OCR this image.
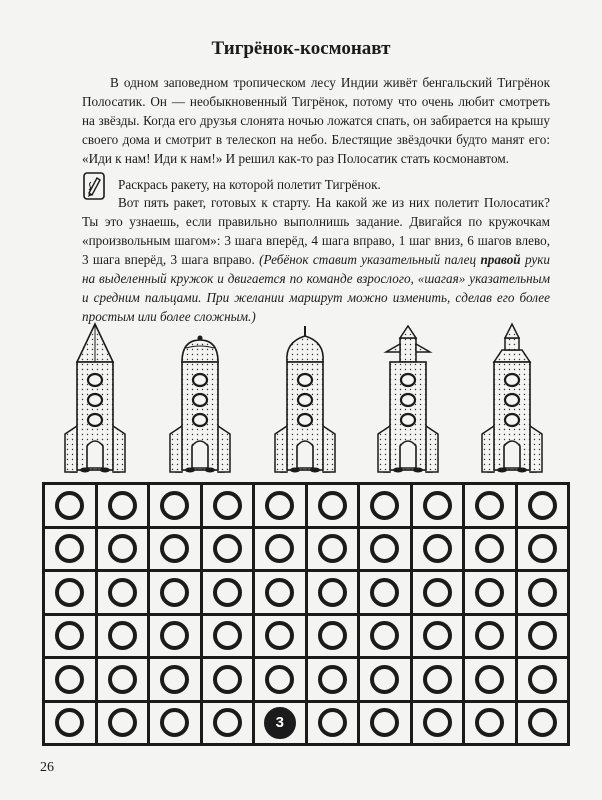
Тигрёнок-космонавт

В одном заповедном тропическом лесу Индии живёт бенгальский Тигрёнок Полосатик. Он — необыкновенный Тигрёнок, потому что очень любит смотреть на звёзды. Когда его друзья слонята ночью ложатся спать, он забирается на крышу своего дома и смотрит в телескоп на небо. Блестящие звёздочки будто манят его: «Иди к нам! Иди к нам!» И решил как-то раз Полосатик стать космонавтом.

Раскрась ракету, на которой полетит Тигрёнок.

Вот пять ракет, готовых к старту. На какой же из них полетит Полосатик? Ты это узнаешь, если правильно выполнишь задание. Двигайся по кружочкам «произвольным шагом»: 3 шага вперёд, 4 шага вправо, 1 шаг вниз, 6 шагов влево, 3 шага вперёд, 3 шага вправо. (Ребёнок ставит указательный палец правой руки на выделенный кружок и двигается по команде взрослого, «шагая» указательным и средним пальцами. При желании маршрут можно изменить, сделав его более простым или более сложным.)

3
26
